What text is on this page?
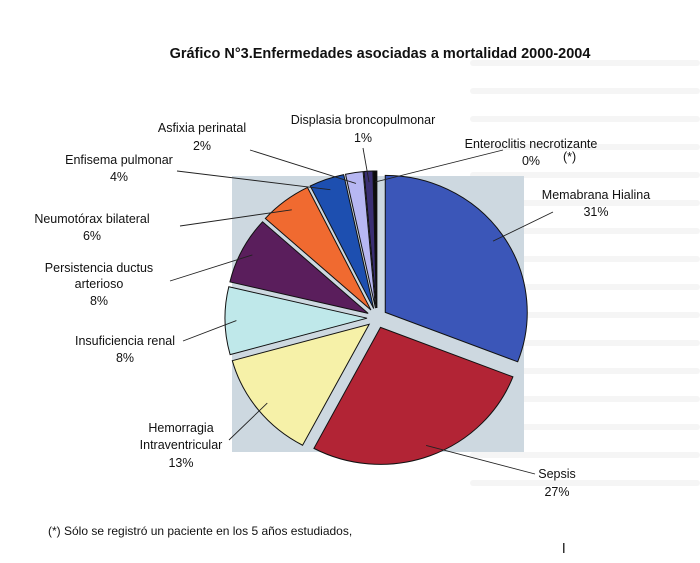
Gráfico N°3.Enfermedades asociadas a mortalidad 2000-2004
Memabrana Hialina
31%
Sepsis
27%
Hemorragia
Intraventricular
13%
Insuficiencia renal
8%
Persistencia ductus
arterioso
8%
Neumotórax bilateral
6%
Enfisema pulmonar
4%
Asfixia perinatal
2%
Displasia broncopulmonar
1%	Enteroclitis necrotizante
(*)
0%
(*) Sólo se registró un paciente en los 5 años estudiados,
